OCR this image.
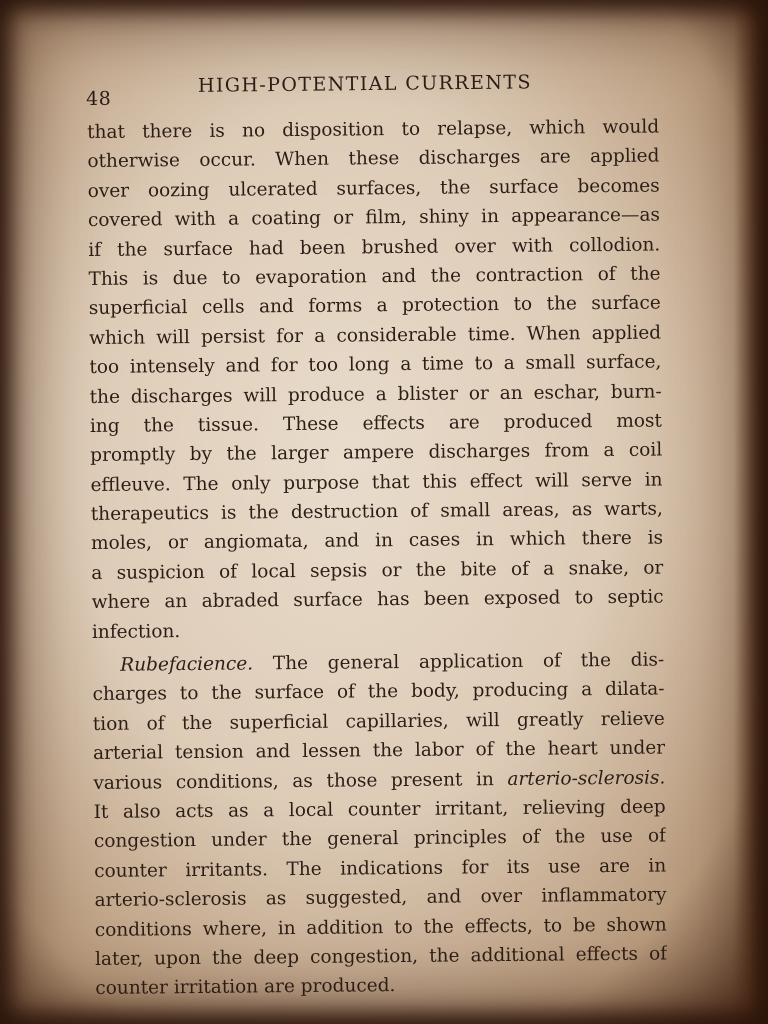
48
HIGH-POTENTIAL CURRENTS
that there is no disposition to relapse, which would
otherwise occur. When these discharges are applied
over oozing ulcerated surfaces, the surface becomes
covered with a coating or film, shiny in appearance—as
if the surface had been brushed over with collodion.
This is due to evaporation and the contraction of the
superficial cells and forms a protection to the surface
which will persist for a considerable time. When applied
too intensely and for too long a time to a small surface,
the discharges will produce a blister or an eschar, burn-
ing the tissue. These effects are produced most
promptly by the larger ampere discharges from a coil
effleuve. The only purpose that this effect will serve in
therapeutics is the destruction of small areas, as warts,
moles, or angiomata, and in cases in which there is
a suspicion of local sepsis or the bite of a snake, or
where an abraded surface has been exposed to septic
infection.
Rubefacience. The general application of the dis-
charges to the surface of the body, producing a dilata-
tion of the superficial capillaries, will greatly relieve
arterial tension and lessen the labor of the heart under
various conditions, as those present in arterio-sclerosis.
It also acts as a local counter irritant, relieving deep
congestion under the general principles of the use of
counter irritants. The indications for its use are in
arterio-sclerosis as suggested, and over inflammatory
conditions where, in addition to the effects, to be shown
later, upon the deep congestion, the additional effects of
counter irritation are produced.
